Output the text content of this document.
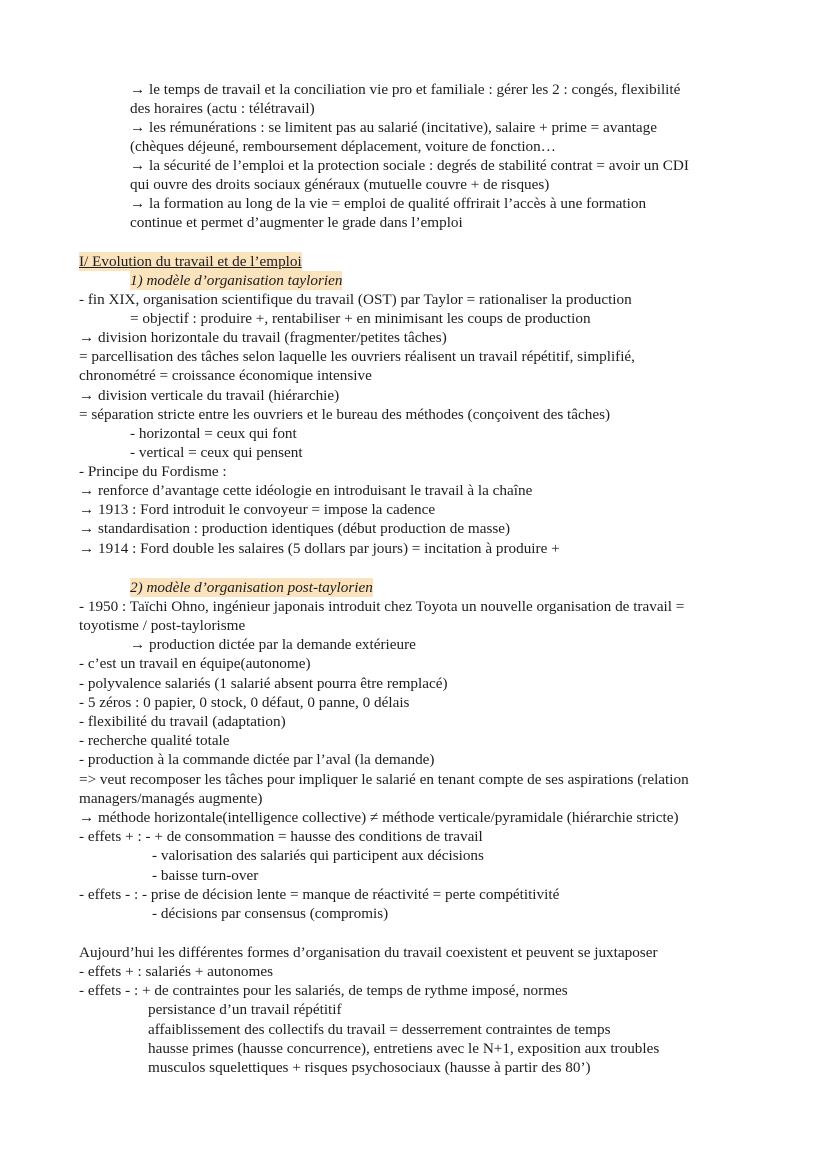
→ le temps de travail et la conciliation vie pro et familiale : gérer les 2 : congés, flexibilité
des horaires (actu : télétravail)
→ les rémunérations : se limitent pas au salarié (incitative), salaire + prime = avantage
(chèques déjeuné, remboursement déplacement, voiture de fonction…
→ la sécurité de l’emploi et la protection sociale : degrés de stabilité contrat = avoir un CDI
qui ouvre des droits sociaux généraux (mutuelle couvre + de risques)
→ la formation au long de la vie = emploi de qualité offrirait l’accès à une formation
continue et permet d’augmenter le grade dans l’emploi
I/ Evolution du travail et de l’emploi
1) modèle d’organisation taylorien
- fin XIX, organisation scientifique du travail (OST) par Taylor = rationaliser la production
= objectif : produire +, rentabiliser + en minimisant les coups de production
→ division horizontale du travail (fragmenter/petites tâches)
= parcellisation des tâches selon laquelle les ouvriers réalisent un travail répétitif, simplifié,
chronométré = croissance économique intensive
→ division verticale du travail (hiérarchie)
= séparation stricte entre les ouvriers et le bureau des méthodes (conçoivent des tâches)
- horizontal = ceux qui font
- vertical = ceux qui pensent
- Principe du Fordisme :
→ renforce d’avantage cette idéologie en introduisant le travail à la chaîne
→ 1913 : Ford introduit le convoyeur = impose la cadence
→ standardisation : production identiques (début production de masse)
→ 1914 : Ford double les salaires (5 dollars par jours) = incitation à produire +
2) modèle d’organisation post-taylorien
- 1950 : Taïchi Ohno, ingénieur japonais introduit chez Toyota un nouvelle organisation de travail =
toyotisme / post-taylorisme
→ production dictée par la demande extérieure
- c’est un travail en équipe(autonome)
- polyvalence salariés (1 salarié absent pourra être remplacé)
- 5 zéros : 0 papier, 0 stock, 0 défaut, 0 panne, 0 délais
- flexibilité du travail (adaptation)
- recherche qualité totale
- production à la commande dictée par l’aval (la demande)
=> veut recomposer les tâches pour impliquer le salarié en tenant compte de ses aspirations (relation
managers/managés augmente)
→ méthode horizontale(intelligence collective) ≠ méthode verticale/pyramidale (hiérarchie stricte)
- effets + : - + de consommation = hausse des conditions de travail
- valorisation des salariés qui participent aux décisions
- baisse turn-over
- effets - : - prise de décision lente = manque de réactivité = perte compétitivité
- décisions par consensus (compromis)
Aujourd’hui les différentes formes d’organisation du travail coexistent et peuvent se juxtaposer
- effets + : salariés + autonomes
- effets - : + de contraintes pour les salariés, de temps de rythme imposé, normes
persistance d’un travail répétitif
affaiblissement des collectifs du travail = desserrement contraintes de temps
hausse primes (hausse concurrence), entretiens avec le N+1, exposition aux troubles
musculos squelettiques + risques psychosociaux (hausse à partir des 80’)
